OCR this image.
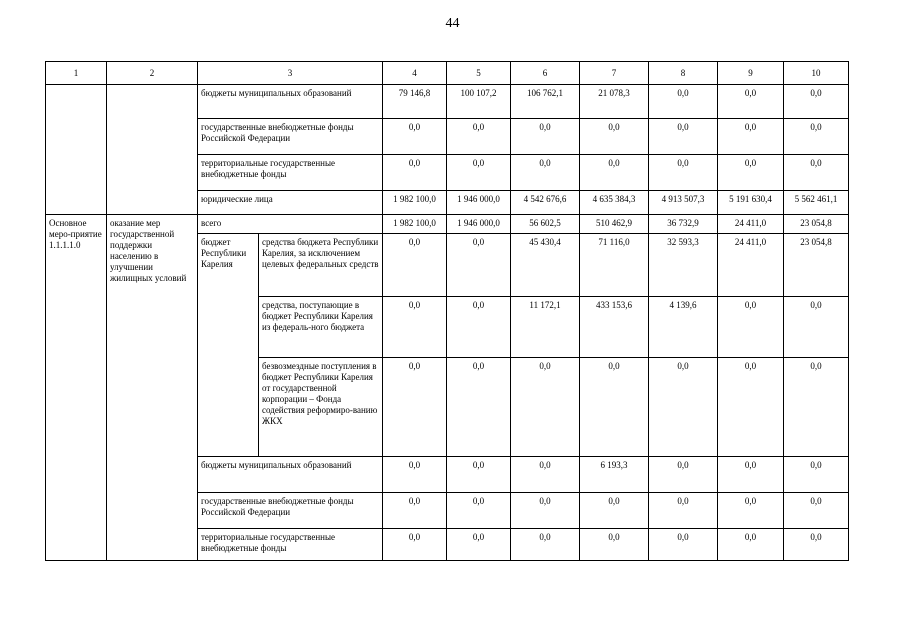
44
1	2	3		4	5	6	7	8	9	10
		бюджеты муниципальных образований		79 146,8	100 107,2	106 762,1	21 078,3	0,0	0,0	0,0
		государственные внебюджетные фонды Российской Федерации		0,0	0,0	0,0	0,0	0,0	0,0	0,0
		территориальные государственные внебюджетные фонды		0,0	0,0	0,0	0,0	0,0	0,0	0,0
		юридические лица		1 982 100,0	1 946 000,0	4 542 676,6	4 635 384,3	4 913 507,3	5 191 630,4	5 562 461,1
Основное меро-приятие 1.1.1.1.0	оказание мер государственной поддержки населению в улучшении жилищных условий	всего		1 982 100,0	1 946 000,0	56 602,5	510 462,9	36 732,9	24 411,0	23 054,8
		бюджет Республики Карелия	средства бюджета Республики Карелия, за исключением целевых федеральных средств	0,0	0,0	45 430,4	71 116,0	32 593,3	24 411,0	23 054,8
			средства, поступающие в бюджет Республики Карелия из федераль-ного бюджета	0,0	0,0	11 172,1	433 153,6	4 139,6	0,0	0,0
			безвозмездные поступления в бюджет Республики Карелия от государственной корпорации – Фонда содействия реформиро-ванию ЖКХ	0,0	0,0	0,0	0,0	0,0	0,0	0,0
		бюджеты муниципальных образований		0,0	0,0	0,0	6 193,3	0,0	0,0	0,0
		государственные внебюджетные фонды Российской Федерации		0,0	0,0	0,0	0,0	0,0	0,0	0,0
		территориальные государственные внебюджетные фонды		0,0	0,0	0,0	0,0	0,0	0,0	0,0
